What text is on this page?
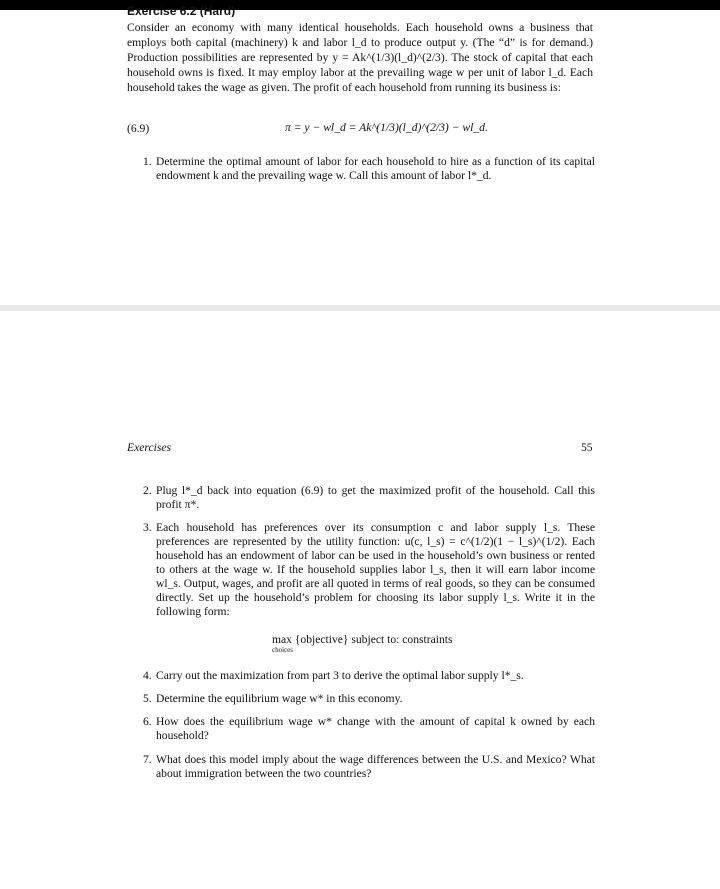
Exercise 6.2 (Hard)
Consider an economy with many identical households. Each household owns a business that employs both capital (machinery) k and labor l_d to produce output y. (The “d” is for demand.) Production possibilities are represented by y = Ak^(1/3)(l_d)^(2/3). The stock of capital that each household owns is fixed. It may employ labor at the prevailing wage w per unit of labor l_d. Each household takes the wage as given. The profit of each household from running its business is:
(6.9)	π = y − wl_d = Ak^(1/3)(l_d)^(2/3) − wl_d.
1. Determine the optimal amount of labor for each household to hire as a function of its capital endowment k and the prevailing wage w. Call this amount of labor l*_d.
Exercises	55
2. Plug l*_d back into equation (6.9) to get the maximized profit of the household. Call this profit π*.
3. Each household has preferences over its consumption c and labor supply l_s. These preferences are represented by the utility function: u(c, l_s) = c^(1/2)(1 − l_s)^(1/2). Each household has an endowment of labor can be used in the household’s own business or rented to others at the wage w. If the household supplies labor l_s, then it will earn labor income wl_s. Output, wages, and profit are all quoted in terms of real goods, so they can be consumed directly. Set up the household’s problem for choosing its labor supply l_s. Write it in the following form:
max {objective} subject to: constraints
choices
4. Carry out the maximization from part 3 to derive the optimal labor supply l*_s.
5. Determine the equilibrium wage w* in this economy.
6. How does the equilibrium wage w* change with the amount of capital k owned by each household?
7. What does this model imply about the wage differences between the U.S. and Mexico? What about immigration between the two countries?
